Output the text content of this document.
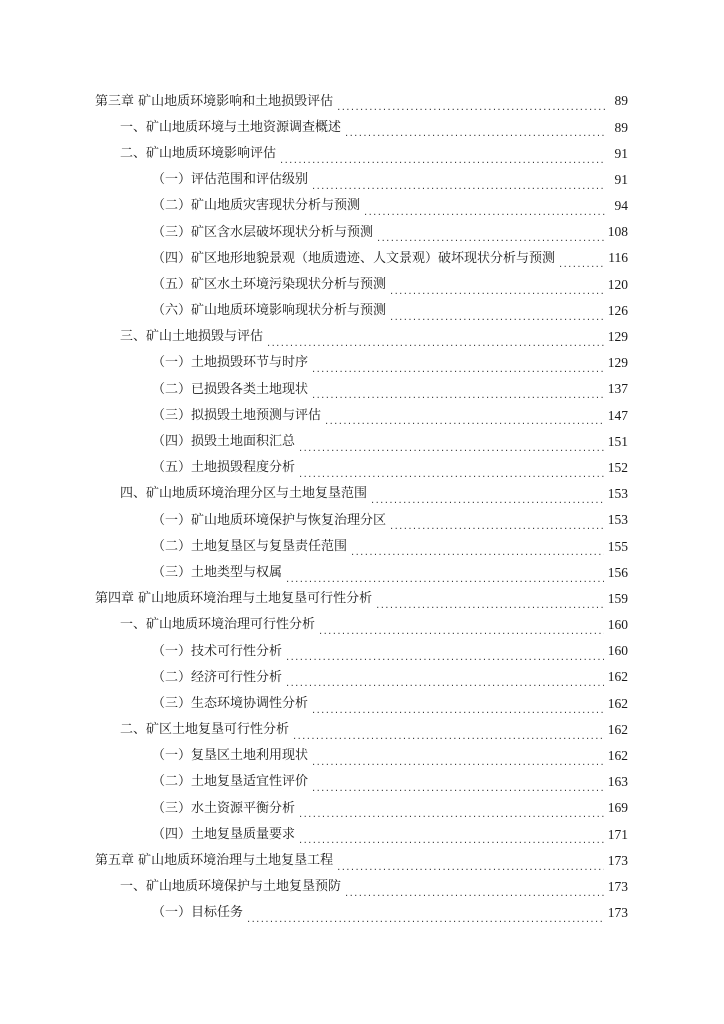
第三章 矿山地质环境影响和土地损毁评估 .....	89
一、矿山地质环境与土地资源调查概述 .....	89
二、矿山地质环境影响评估 .....	91
（一）评估范围和评估级别 .....	91
（二）矿山地质灾害现状分析与预测 .....	94
（三）矿区含水层破坏现状分析与预测 .....	108
（四）矿区地形地貌景观（地质遗迹、人文景观）破坏现状分析与预测 .....	116
（五）矿区水土环境污染现状分析与预测 .....	120
（六）矿山地质环境影响现状分析与预测 .....	126
三、矿山土地损毁与评估 .....	129
（一）土地损毁环节与时序 .....	129
（二）已损毁各类土地现状 .....	137
（三）拟损毁土地预测与评估 .....	147
（四）损毁土地面积汇总 .....	151
（五）土地损毁程度分析 .....	152
四、矿山地质环境治理分区与土地复垦范围 .....	153
（一）矿山地质环境保护与恢复治理分区 .....	153
（二）土地复垦区与复垦责任范围 .....	155
（三）土地类型与权属 .....	156
第四章 矿山地质环境治理与土地复垦可行性分析 .....	159
一、矿山地质环境治理可行性分析 .....	160
（一）技术可行性分析 .....	160
（二）经济可行性分析 .....	162
（三）生态环境协调性分析 .....	162
二、矿区土地复垦可行性分析 .....	162
（一）复垦区土地利用现状 .....	162
（二）土地复垦适宜性评价 .....	163
（三）水土资源平衡分析 .....	169
（四）土地复垦质量要求 .....	171
第五章 矿山地质环境治理与土地复垦工程 .....	173
一、矿山地质环境保护与土地复垦预防 .....	173
（一）目标任务 .....	173
